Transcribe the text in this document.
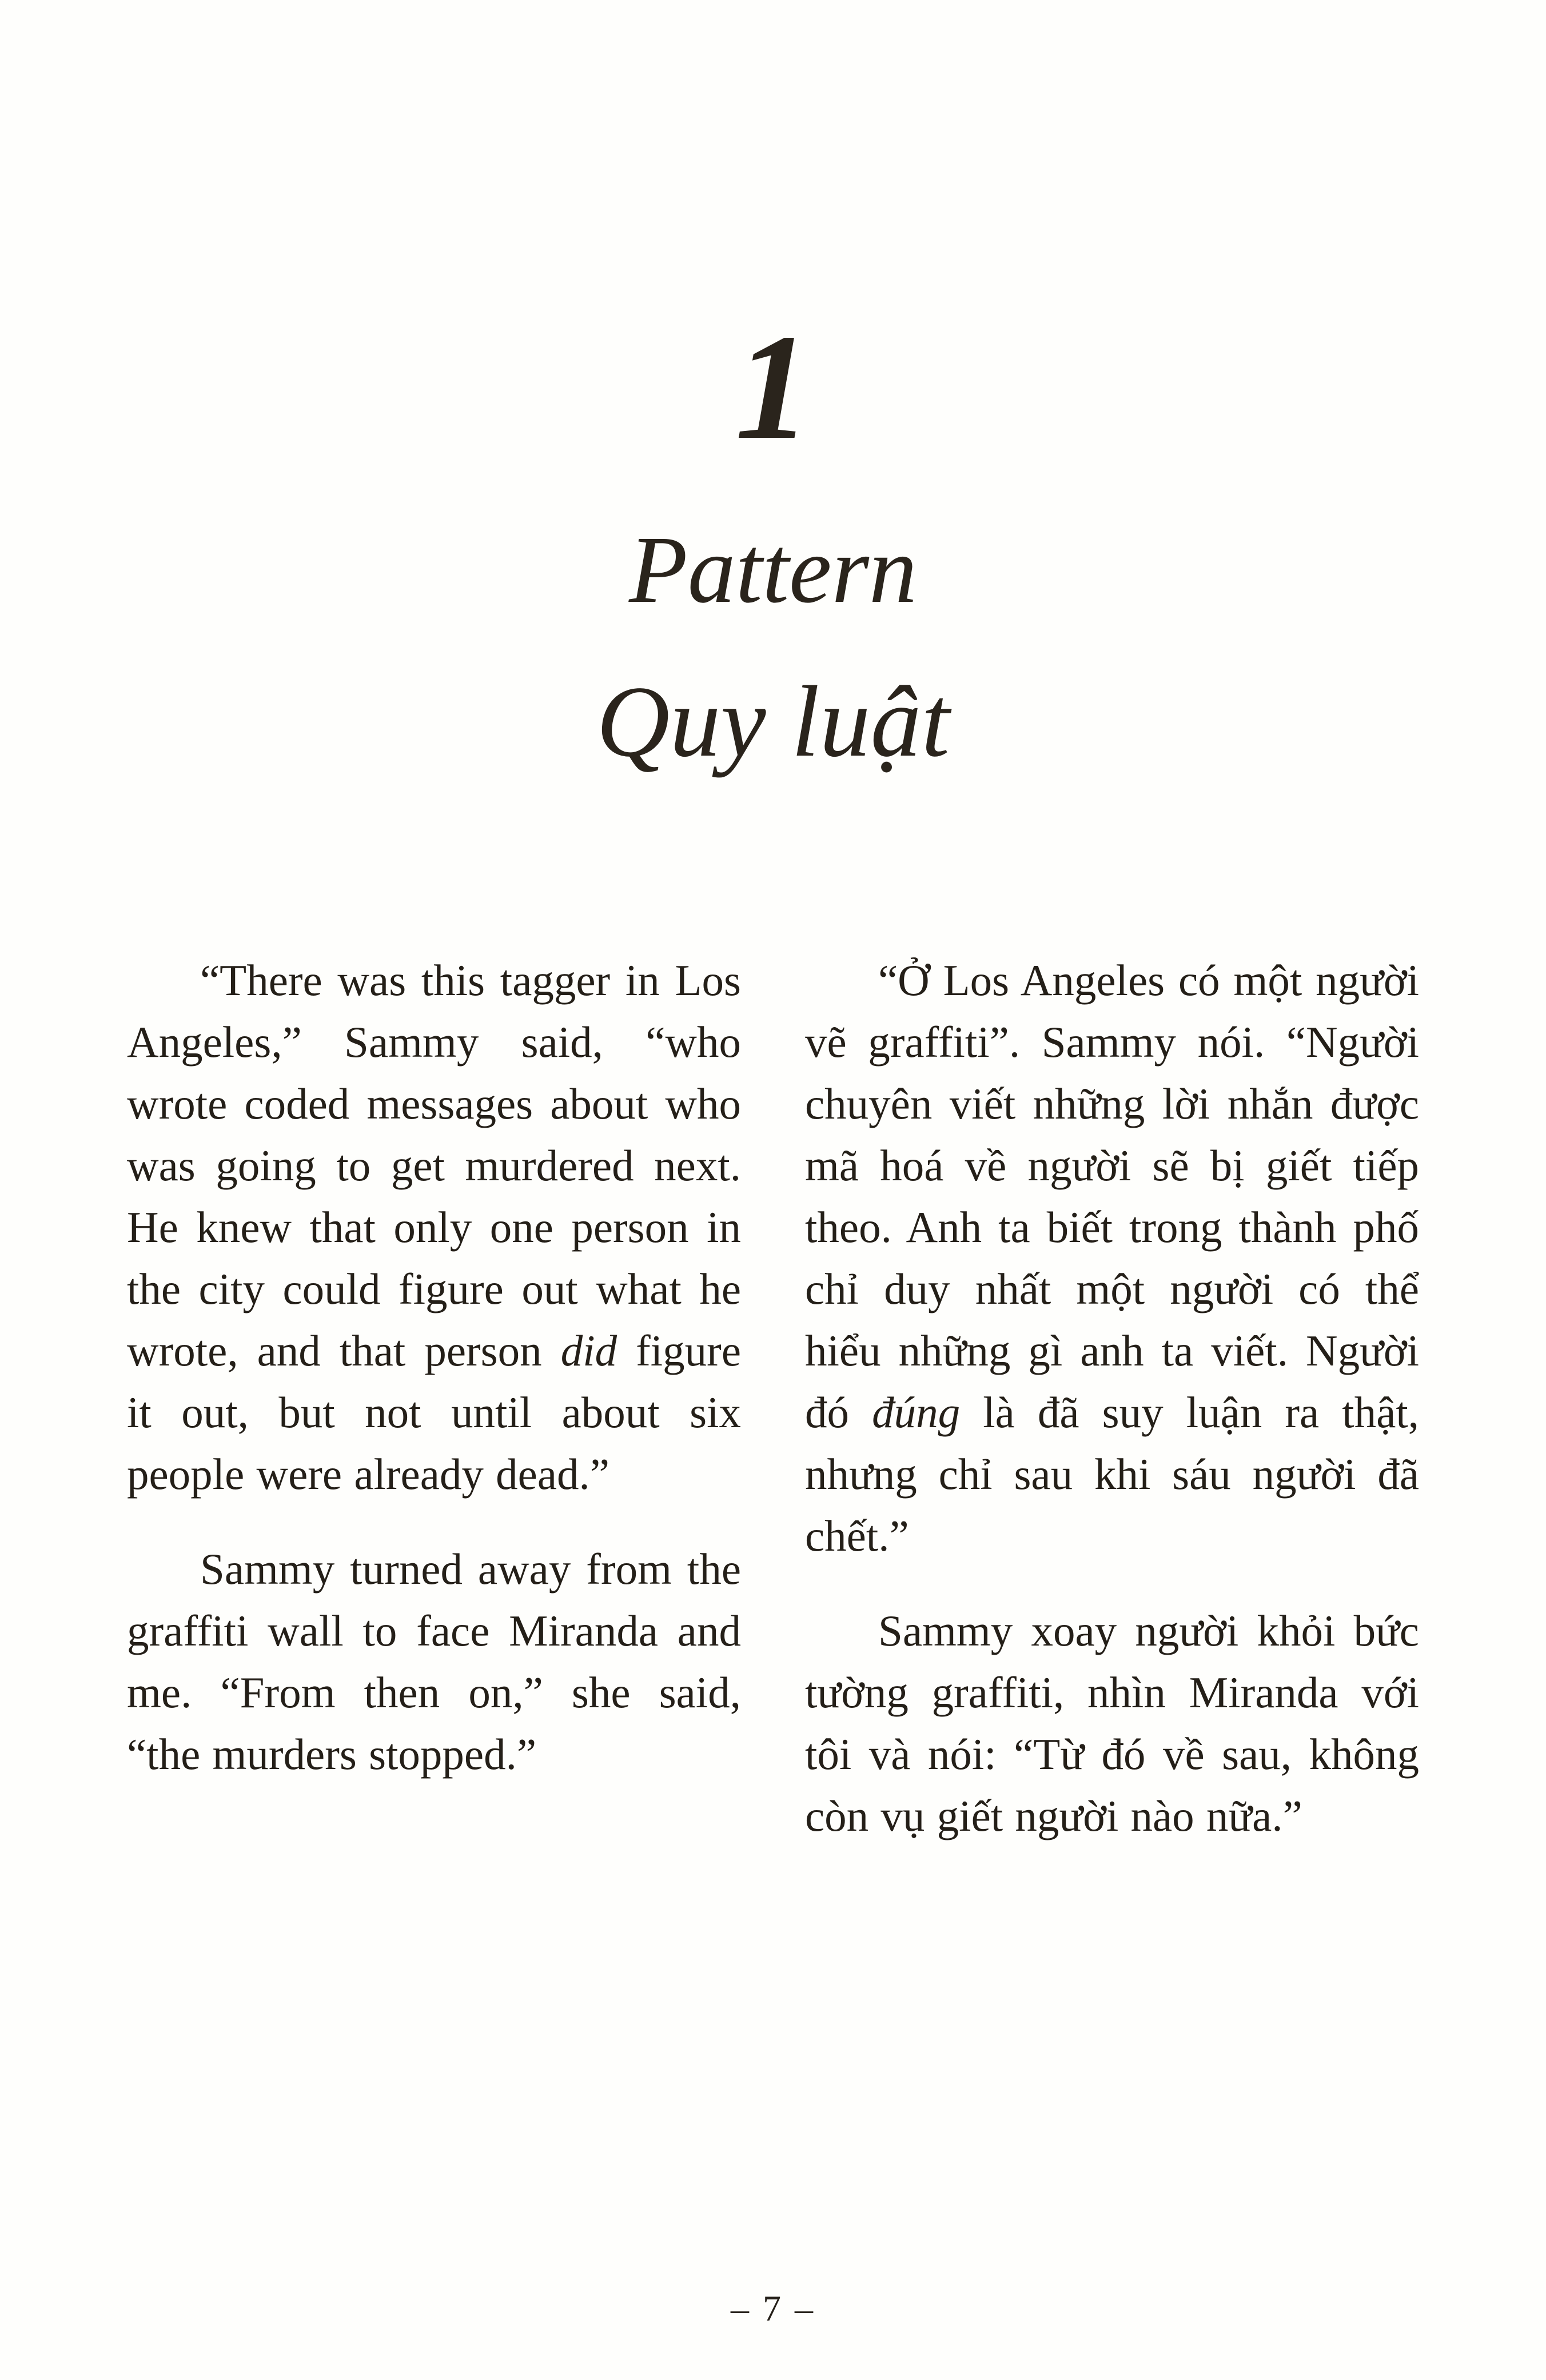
1
Pattern
Quy luật

“There was this tagger in Los Angeles,” Sammy said, “who wrote coded messages about who was going to get murdered next. He knew that only one person in the city could figure out what he wrote, and that person did figure it out, but not until about six people were already dead.”

Sammy turned away from the graffiti wall to face Miranda and me. “From then on,” she said, “the murders stopped.”

“Ở Los Angeles có một người vẽ graffiti”. Sammy nói. “Người chuyên viết những lời nhắn được mã hoá về người sẽ bị giết tiếp theo. Anh ta biết trong thành phố chỉ duy nhất một người có thể hiểu những gì anh ta viết. Người đó đúng là đã suy luận ra thật, nhưng chỉ sau khi sáu người đã chết.”

Sammy xoay người khỏi bức tường graffiti, nhìn Miranda với tôi và nói: “Từ đó về sau, không còn vụ giết người nào nữa.”

– 7 –
